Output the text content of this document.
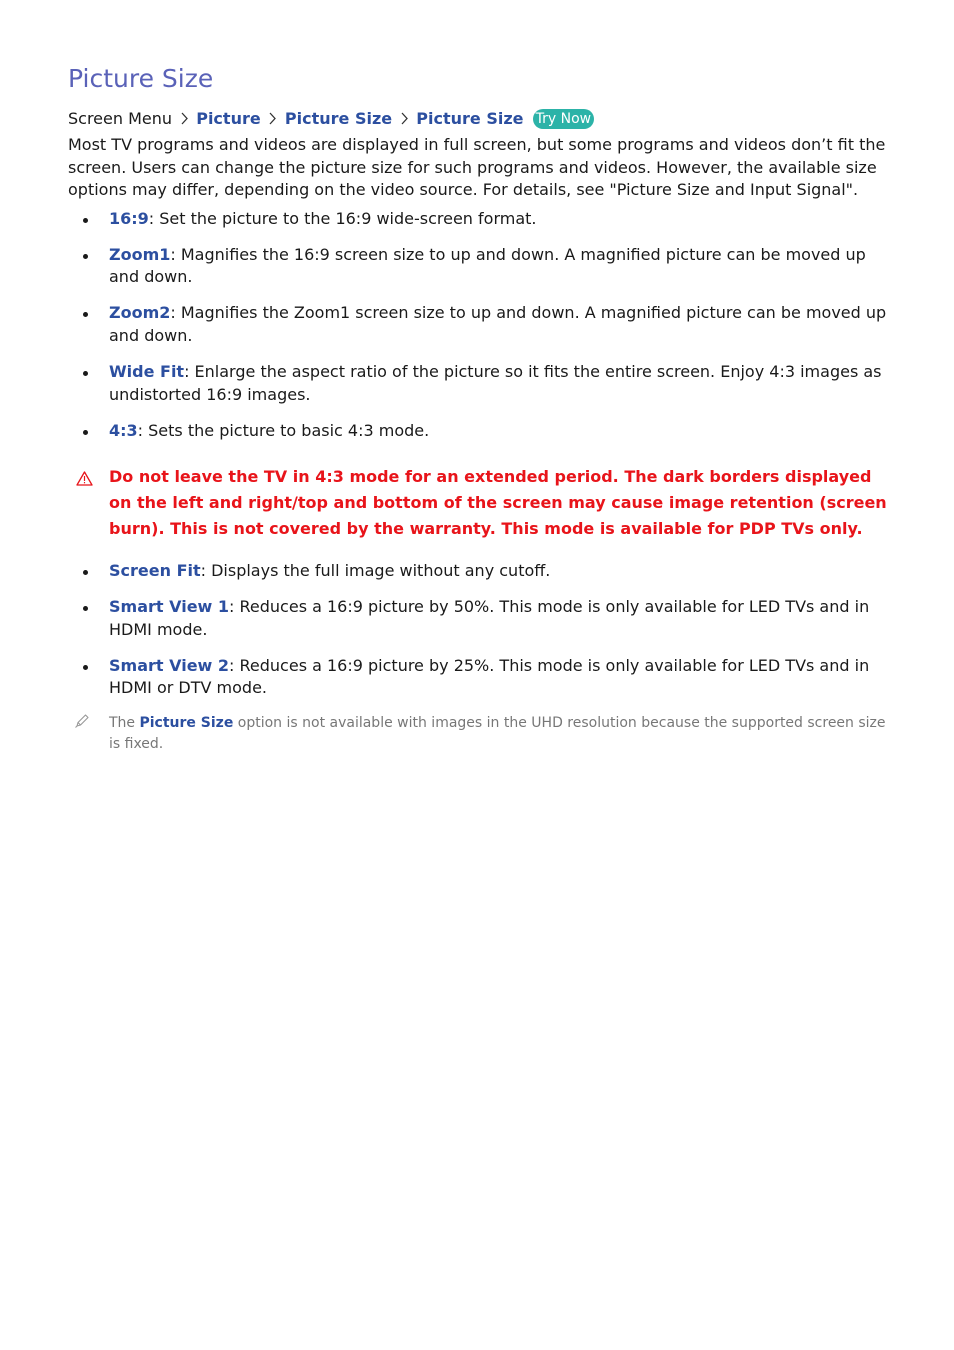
Picture Size
Screen Menu Picture Picture Size Picture Size Try Now

Most TV programs and videos are displayed in full screen, but some programs and videos don’t fit the screen. Users can change the picture size for such programs and videos. However, the available size options may differ, depending on the video source. For details, see "Picture Size and Input Signal".

16:9: Set the picture to the 16:9 wide-screen format.
Zoom1: Magnifies the 16:9 screen size to up and down. A magnified picture can be moved up and down.
Zoom2: Magnifies the Zoom1 screen size to up and down. A magnified picture can be moved up and down.
Wide Fit: Enlarge the aspect ratio of the picture so it fits the entire screen. Enjoy 4:3 images as undistorted 16:9 images.
4:3: Sets the picture to basic 4:3 mode.
Do not leave the TV in 4:3 mode for an extended period. The dark borders displayed on the left and right/top and bottom of the screen may cause image retention (screen burn). This is not covered by the warranty. This mode is available for PDP TVs only.
Screen Fit: Displays the full image without any cutoff.
Smart View 1: Reduces a 16:9 picture by 50%. This mode is only available for LED TVs and in HDMI mode.
Smart View 2: Reduces a 16:9 picture by 25%. This mode is only available for LED TVs and in HDMI or DTV mode.
The Picture Size option is not available with images in the UHD resolution because the supported screen size is fixed.
